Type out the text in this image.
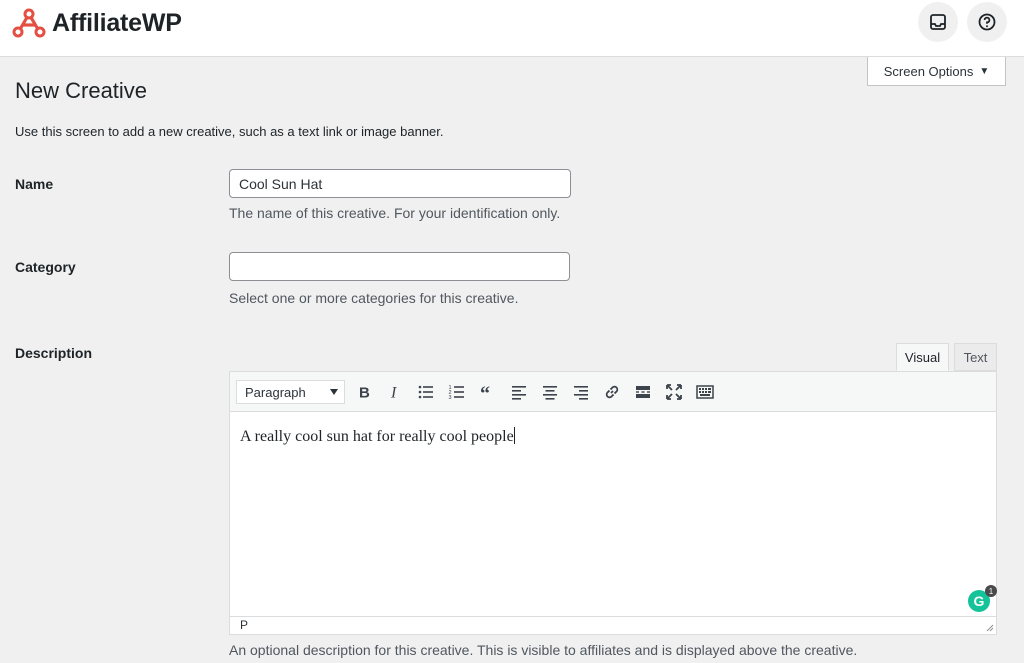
AffiliateWP
Screen Options ▼
New Creative

Use this screen to add a new creative, such as a text link or image banner.

Name
Cool Sun Hat

The name of this creative. For your identification only.

Category

Select one or more categories for this creative.

Description	Visual	Text
Paragraph	B I	1
2
3 “
A really cool sun hat for really cool people
P
G
1

An optional description for this creative. This is visible to affiliates and is displayed above the creative.
